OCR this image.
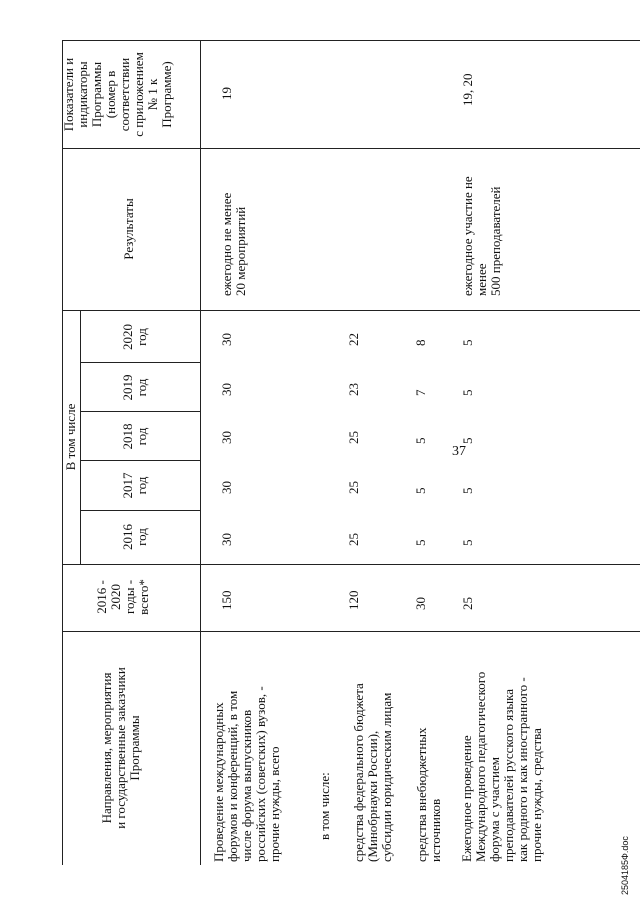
37
Направления, мероприятия и государственные заказчики Программы
2016 - 2020 годы - всего*
В том числе
2016 год
2017 год
2018 год
2019 год
2020 год
Результаты
Показатели и индикаторы Программы (номер в соответствии с приложением № 1 к Программе)
Проведение международных форумов и конференций, в том числе форума выпускников российских (советских) вузов, - прочие нужды, всего
150
30
30
30
30
30
ежегодно не менее 20 мероприятий
19
в том числе: средства федерального бюджета (Минобрнауки России), субсидии юридическим лицам
120
25
25
25
23
22
средства внебюджетных источников
30
5
5
5
7
8
Ежегодное проведение Международного педагогического форума с участием преподавателей русского языка как родного и как иностранного - прочие нужды, средства
25
5
5
5
5
5
ежегодное участие не менее 500 преподавателей
19, 20
2504185Ф.doc
